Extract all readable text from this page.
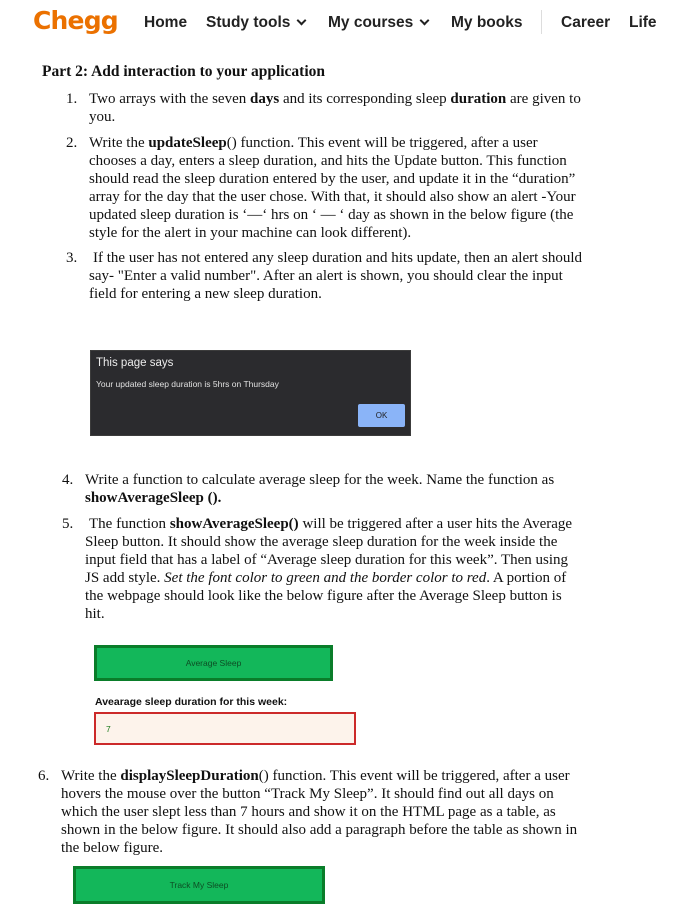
Chegg Home Study tools	My courses	My books Career Life
Part 2: Add interaction to your application
1. Two arrays with the seven days and its corresponding sleep duration are given to
you.
2. Write the updateSleep() function. This event will be triggered, after a user
chooses a day, enters a sleep duration, and hits the Update button. This function
should read the sleep duration entered by the user, and update it in the “duration”
array for the day that the user chose. With that, it should also show an alert -Your
updated sleep duration is ‘—‘ hrs on ‘ — ‘ day as shown in the below figure (the
style for the alert in your machine can look different).
3. If the user has not entered any sleep duration and hits update, then an alert should
say- "Enter a valid number". After an alert is shown, you should clear the input
field for entering a new sleep duration.
This page says
Your updated sleep duration is 5hrs on Thursday
OK
4. Write a function to calculate average sleep for the week. Name the function as
showAverageSleep ().
5. The function showAverageSleep() will be triggered after a user hits the Average
Sleep button. It should show the average sleep duration for the week inside the
input field that has a label of “Average sleep duration for this week”. Then using
JS add style. Set the font color to green and the border color to red. A portion of
the webpage should look like the below figure after the Average Sleep button is
hit.
Average Sleep
Avearage sleep duration for this week:
7
6. Write the displaySleepDuration() function. This event will be triggered, after a user
hovers the mouse over the button “Track My Sleep”. It should find out all days on
which the user slept less than 7 hours and show it on the HTML page as a table, as
shown in the below figure. It should also add a paragraph before the table as shown in
the below figure.
Track My Sleep
